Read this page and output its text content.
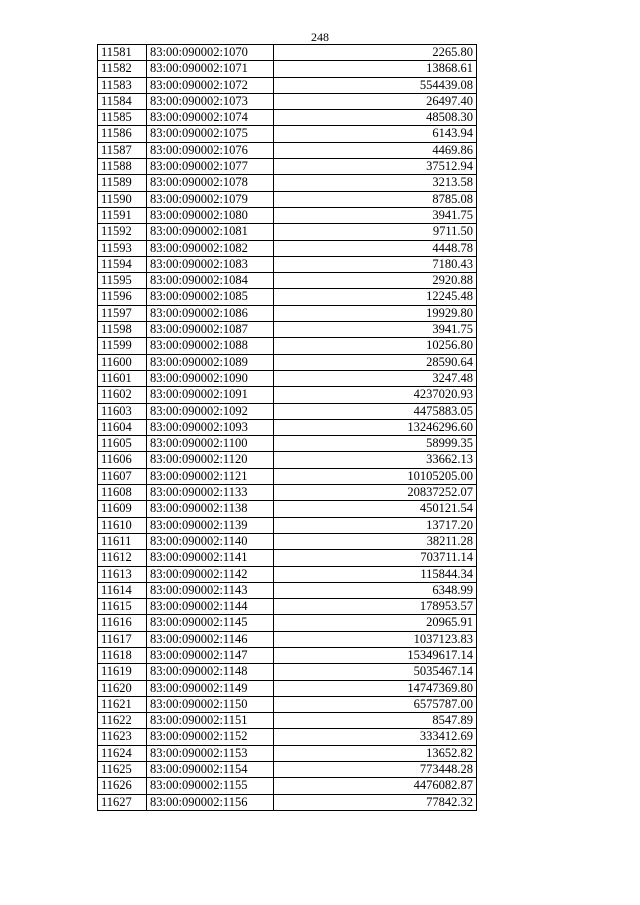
248
11581	83:00:090002:1070	2265.80
11582	83:00:090002:1071	13868.61
11583	83:00:090002:1072	554439.08
11584	83:00:090002:1073	26497.40
11585	83:00:090002:1074	48508.30
11586	83:00:090002:1075	6143.94
11587	83:00:090002:1076	4469.86
11588	83:00:090002:1077	37512.94
11589	83:00:090002:1078	3213.58
11590	83:00:090002:1079	8785.08
11591	83:00:090002:1080	3941.75
11592	83:00:090002:1081	9711.50
11593	83:00:090002:1082	4448.78
11594	83:00:090002:1083	7180.43
11595	83:00:090002:1084	2920.88
11596	83:00:090002:1085	12245.48
11597	83:00:090002:1086	19929.80
11598	83:00:090002:1087	3941.75
11599	83:00:090002:1088	10256.80
11600	83:00:090002:1089	28590.64
11601	83:00:090002:1090	3247.48
11602	83:00:090002:1091	4237020.93
11603	83:00:090002:1092	4475883.05
11604	83:00:090002:1093	13246296.60
11605	83:00:090002:1100	58999.35
11606	83:00:090002:1120	33662.13
11607	83:00:090002:1121	10105205.00
11608	83:00:090002:1133	20837252.07
11609	83:00:090002:1138	450121.54
11610	83:00:090002:1139	13717.20
11611	83:00:090002:1140	38211.28
11612	83:00:090002:1141	703711.14
11613	83:00:090002:1142	115844.34
11614	83:00:090002:1143	6348.99
11615	83:00:090002:1144	178953.57
11616	83:00:090002:1145	20965.91
11617	83:00:090002:1146	1037123.83
11618	83:00:090002:1147	15349617.14
11619	83:00:090002:1148	5035467.14
11620	83:00:090002:1149	14747369.80
11621	83:00:090002:1150	6575787.00
11622	83:00:090002:1151	8547.89
11623	83:00:090002:1152	333412.69
11624	83:00:090002:1153	13652.82
11625	83:00:090002:1154	773448.28
11626	83:00:090002:1155	4476082.87
11627	83:00:090002:1156	77842.32
